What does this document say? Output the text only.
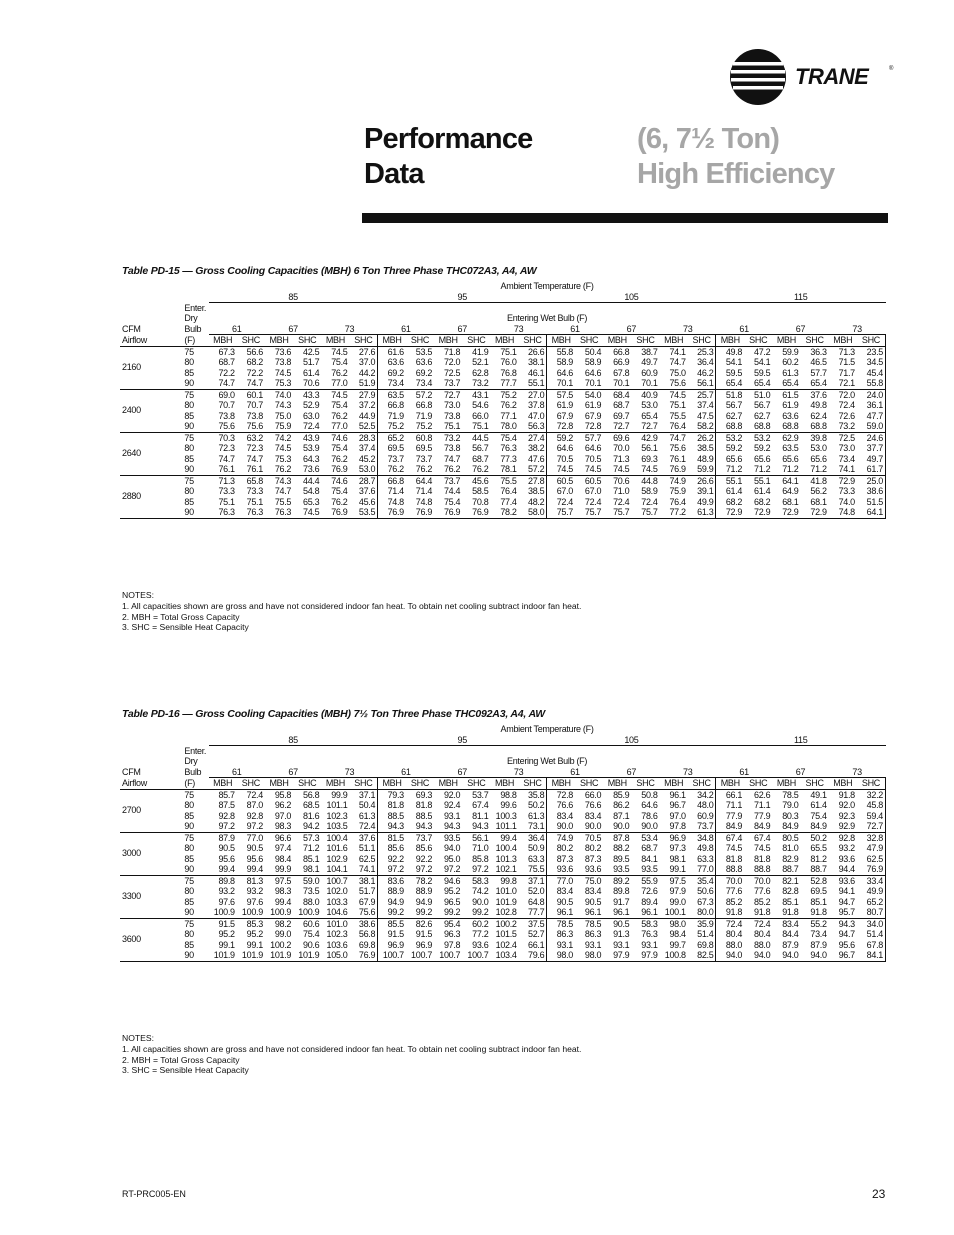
TRANE	®
Performance
Data
(6, 7½ Ton)
High Efficiency
Table PD-15 — Gross Cooling Capacities (MBH) 6 Ton Three Phase THC072A3, A4, AW
		Ambient Temperature (F)																							
		85						95						105						115					
	Enter.																								
	Dry	Entering Wet Bulb (F)																							
CFM	Bulb	61		67		73		61		67		73		61		67		73		61		67		73	
Airflow	(F)	MBH	SHC	MBH	SHC	MBH	SHC	MBH	SHC	MBH	SHC	MBH	SHC	MBH	SHC	MBH	SHC	MBH	SHC	MBH	SHC	MBH	SHC	MBH	SHC
2160	75	67.3	56.6	73.6	42.5	74.5	27.6	61.6	53.5	71.8	41.9	75.1	26.6	55.8	50.4	66.8	38.7	74.1	25.3	49.8	47.2	59.9	36.3	71.3	23.5
	80	68.7	68.2	73.8	51.7	75.4	37.0	63.6	63.6	72.0	52.1	76.0	38.1	58.9	58.9	66.9	49.7	74.7	36.4	54.1	54.1	60.2	46.5	71.5	34.5
	85	72.2	72.2	74.5	61.4	76.2	44.2	69.2	69.2	72.5	62.8	76.8	46.1	64.6	64.6	67.8	60.9	75.0	46.2	59.5	59.5	61.3	57.7	71.7	45.4
	90	74.7	74.7	75.3	70.6	77.0	51.9	73.4	73.4	73.7	73.2	77.7	55.1	70.1	70.1	70.1	70.1	75.6	56.1	65.4	65.4	65.4	65.4	72.1	55.8
2400	75	69.0	60.1	74.0	43.3	74.5	27.9	63.5	57.2	72.7	43.1	75.2	27.0	57.5	54.0	68.4	40.9	74.5	25.7	51.8	51.0	61.5	37.6	72.0	24.0
	80	70.7	70.7	74.3	52.9	75.4	37.2	66.8	66.8	73.0	54.6	76.2	37.8	61.9	61.9	68.7	53.0	75.1	37.4	56.7	56.7	61.9	49.8	72.4	36.1
	85	73.8	73.8	75.0	63.0	76.2	44.9	71.9	71.9	73.8	66.0	77.1	47.0	67.9	67.9	69.7	65.4	75.5	47.5	62.7	62.7	63.6	62.4	72.6	47.7
	90	75.6	75.6	75.9	72.4	77.0	52.5	75.2	75.2	75.1	75.1	78.0	56.3	72.8	72.8	72.7	72.7	76.4	58.2	68.8	68.8	68.8	68.8	73.2	59.0
2640	75	70.3	63.2	74.2	43.9	74.6	28.3	65.2	60.8	73.2	44.5	75.4	27.4	59.2	57.7	69.6	42.9	74.7	26.2	53.2	53.2	62.9	39.8	72.5	24.6
	80	72.3	72.3	74.5	53.9	75.4	37.4	69.5	69.5	73.8	56.7	76.3	38.2	64.6	64.6	70.0	56.1	75.6	38.5	59.2	59.2	63.5	53.0	73.0	37.7
	85	74.7	74.7	75.3	64.3	76.2	45.2	73.7	73.7	74.7	68.7	77.3	47.6	70.5	70.5	71.3	69.3	76.1	48.9	65.6	65.6	65.6	65.6	73.4	49.7
	90	76.1	76.1	76.2	73.6	76.9	53.0	76.2	76.2	76.2	76.2	78.1	57.2	74.5	74.5	74.5	74.5	76.9	59.9	71.2	71.2	71.2	71.2	74.1	61.7
2880	75	71.3	65.8	74.3	44.4	74.6	28.7	66.8	64.4	73.7	45.6	75.5	27.8	60.5	60.5	70.6	44.8	74.9	26.6	55.1	55.1	64.1	41.8	72.9	25.0
	80	73.3	73.3	74.7	54.8	75.4	37.6	71.4	71.4	74.4	58.5	76.4	38.5	67.0	67.0	71.0	58.9	75.9	39.1	61.4	61.4	64.9	56.2	73.3	38.6
	85	75.1	75.1	75.5	65.3	76.2	45.6	74.8	74.8	75.4	70.8	77.4	48.2	72.4	72.4	72.4	72.4	76.4	49.9	68.2	68.2	68.1	68.1	74.0	51.5
	90	76.3	76.3	76.3	74.5	76.9	53.5	76.9	76.9	76.9	76.9	78.2	58.0	75.7	75.7	75.7	75.7	77.2	61.3	72.9	72.9	72.9	72.9	74.8	64.1
NOTES:
1. All capacities shown are gross and have not considered indoor fan heat. To obtain net cooling subtract indoor fan heat.
2. MBH = Total Gross Capacity
3. SHC = Sensible Heat Capacity
Table PD-16 — Gross Cooling Capacities (MBH) 7½ Ton Three Phase THC092A3, A4, AW
		Ambient Temperature (F)																							
		85						95						105						115					
	Enter.																								
	Dry	Entering Wet Bulb (F)																							
CFM	Bulb	61		67		73		61		67		73		61		67		73		61		67		73	
Airflow	(F)	MBH	SHC	MBH	SHC	MBH	SHC	MBH	SHC	MBH	SHC	MBH	SHC	MBH	SHC	MBH	SHC	MBH	SHC	MBH	SHC	MBH	SHC	MBH	SHC
2700	75	85.7	72.4	95.8	56.8	99.9	37.1	79.3	69.3	92.0	53.7	98.8	35.8	72.8	66.0	85.9	50.8	96.1	34.2	66.1	62.6	78.5	49.1	91.8	32.2
	80	87.5	87.0	96.2	68.5	101.1	50.4	81.8	81.8	92.4	67.4	99.6	50.2	76.6	76.6	86.2	64.6	96.7	48.0	71.1	71.1	79.0	61.4	92.0	45.8
	85	92.8	92.8	97.0	81.6	102.3	61.3	88.5	88.5	93.1	81.1	100.3	61.3	83.4	83.4	87.1	78.6	97.0	60.9	77.9	77.9	80.3	75.4	92.3	59.4
	90	97.2	97.2	98.3	94.2	103.5	72.4	94.3	94.3	94.3	94.3	101.1	73.1	90.0	90.0	90.0	90.0	97.8	73.7	84.9	84.9	84.9	84.9	92.9	72.7
3000	75	87.9	77.0	96.6	57.3	100.4	37.6	81.5	73.7	93.5	56.1	99.4	36.4	74.9	70.5	87.8	53.4	96.9	34.8	67.4	67.4	80.5	50.2	92.8	32.8
	80	90.5	90.5	97.4	71.2	101.6	51.1	85.6	85.6	94.0	71.0	100.4	50.9	80.2	80.2	88.2	68.7	97.3	49.8	74.5	74.5	81.0	65.5	93.2	47.9
	85	95.6	95.6	98.4	85.1	102.9	62.5	92.2	92.2	95.0	85.8	101.3	63.3	87.3	87.3	89.5	84.1	98.1	63.3	81.8	81.8	82.9	81.2	93.6	62.5
	90	99.4	99.4	99.9	98.1	104.1	74.1	97.2	97.2	97.2	97.2	102.1	75.5	93.6	93.6	93.5	93.5	99.1	77.0	88.8	88.8	88.7	88.7	94.4	76.9
3300	75	89.8	81.3	97.5	59.0	100.7	38.1	83.6	78.2	94.6	58.3	99.8	37.1	77.0	75.0	89.2	55.9	97.5	35.4	70.0	70.0	82.1	52.8	93.6	33.4
	80	93.2	93.2	98.3	73.5	102.0	51.7	88.9	88.9	95.2	74.2	101.0	52.0	83.4	83.4	89.8	72.6	97.9	50.6	77.6	77.6	82.8	69.5	94.1	49.9
	85	97.6	97.6	99.4	88.0	103.3	67.9	94.9	94.9	96.5	90.0	101.9	64.8	90.5	90.5	91.7	89.4	99.0	67.3	85.2	85.2	85.1	85.1	94.7	65.2
	90	100.9	100.9	100.9	100.9	104.6	75.6	99.2	99.2	99.2	99.2	102.8	77.7	96.1	96.1	96.1	96.1	100.1	80.0	91.8	91.8	91.8	91.8	95.7	80.7
3600	75	91.5	85.3	98.2	60.6	101.0	38.6	85.5	82.6	95.4	60.2	100.2	37.5	78.5	78.5	90.5	58.3	98.0	35.9	72.4	72.4	83.4	55.2	94.3	34.0
	80	95.2	95.2	99.0	75.4	102.3	56.8	91.5	91.5	96.3	77.2	101.5	52.7	86.3	86.3	91.3	76.3	98.4	51.4	80.4	80.4	84.4	73.4	94.7	51.4
	85	99.1	99.1	100.2	90.6	103.6	69.8	96.9	96.9	97.8	93.6	102.4	66.1	93.1	93.1	93.1	93.1	99.7	69.8	88.0	88.0	87.9	87.9	95.6	67.8
	90	101.9	101.9	101.9	101.9	105.0	76.9	100.7	100.7	100.7	100.7	103.4	79.6	98.0	98.0	97.9	97.9	100.8	82.5	94.0	94.0	94.0	94.0	96.7	84.1
NOTES:
1. All capacities shown are gross and have not considered indoor fan heat. To obtain net cooling subtract indoor fan heat.
2. MBH = Total Gross Capacity
3. SHC = Sensible Heat Capacity
RT-PRC005-EN	23
